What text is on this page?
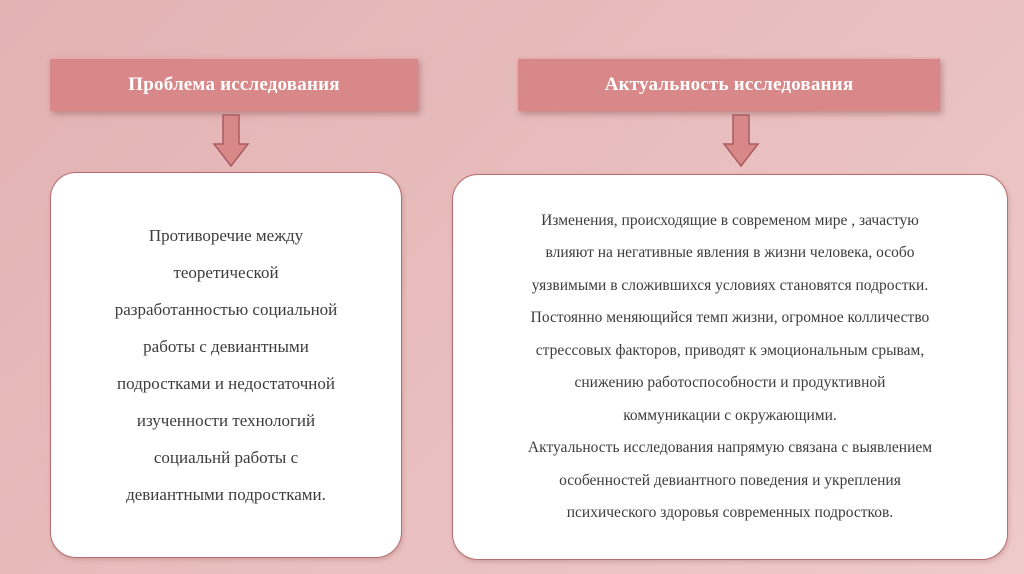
Проблема исследования	Актуальность исследования
Противоречие между
теоретической
разработанностью социальной
работы с девиантными
подростками и недостаточной
изученности технологий
социальнй работы с
девиантными подростками.
Изменения, происходящие в современом мире , зачастую
влияют на негативные явления в жизни человека, особо
уязвимыми в сложившихся условиях становятся подростки.
Постоянно меняющийся темп жизни, огромное колличество
стрессовых факторов, приводят к эмоциональным срывам,
снижению работоспособности и продуктивной
коммуникации с окружающими.
Актуальность исследования напрямую связана с выявлением
особенностей девиантного поведения и укрепления
психического здоровья современных подростков.
